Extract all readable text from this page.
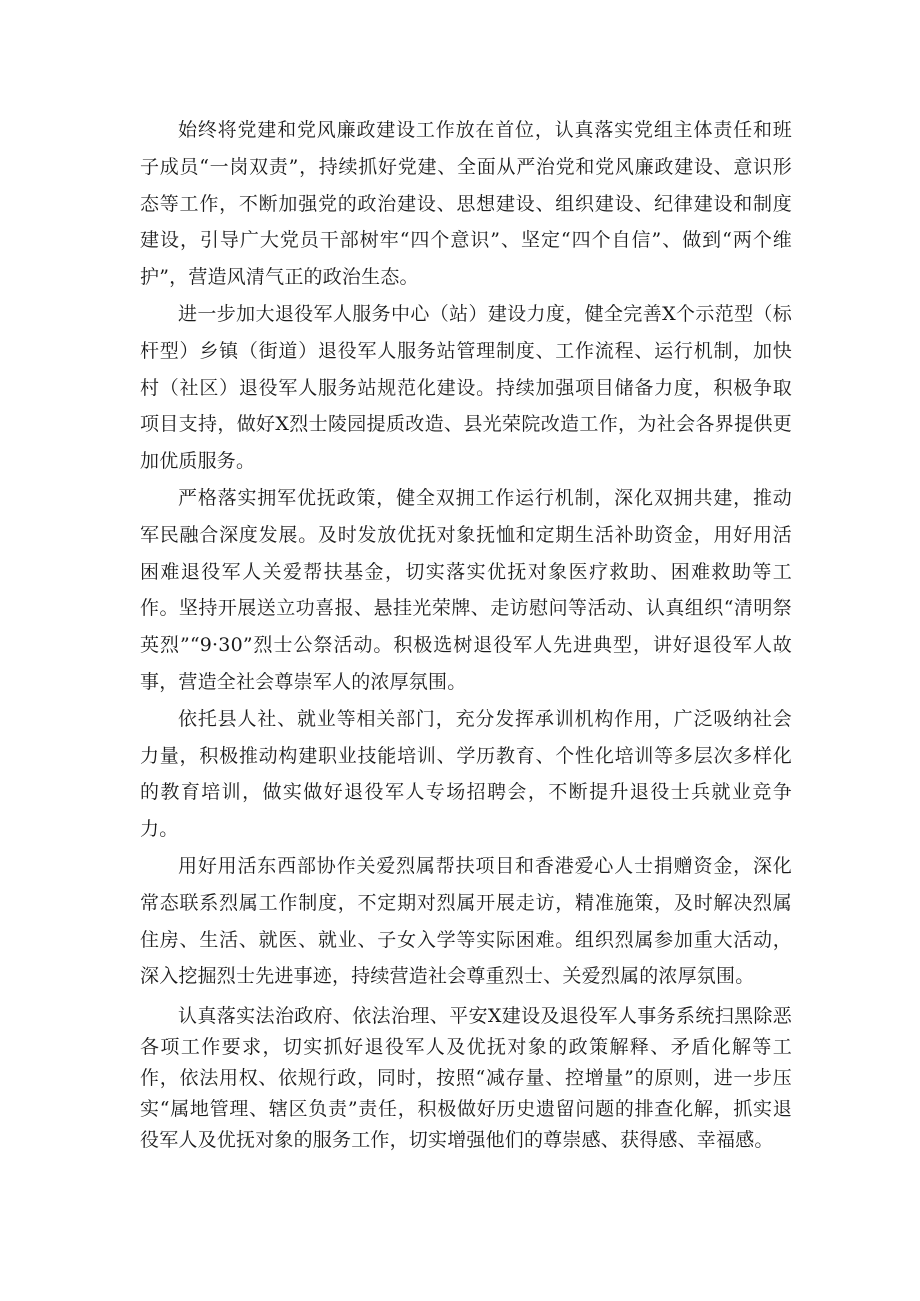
始终将党建和党风廉政建设工作放在首位，认真落实党组主体责任和班子成员“一岗双责”，持续抓好党建、全面从严治党和党风廉政建设、意识形态等工作，不断加强党的政治建设、思想建设、组织建设、纪律建设和制度建设，引导广大党员干部树牢“四个意识”、坚定“四个自信”、做到“两个维护”，营造风清气正的政治生态。

进一步加大退役军人服务中心（站）建设力度，健全完善X个示范型（标杆型）乡镇（街道）退役军人服务站管理制度、工作流程、运行机制，加快村（社区）退役军人服务站规范化建设。持续加强项目储备力度，积极争取项目支持，做好X烈士陵园提质改造、县光荣院改造工作，为社会各界提供更加优质服务。

严格落实拥军优抚政策，健全双拥工作运行机制，深化双拥共建，推动军民融合深度发展。及时发放优抚对象抚恤和定期生活补助资金，用好用活困难退役军人关爱帮扶基金，切实落实优抚对象医疗救助、困难救助等工作。坚持开展送立功喜报、悬挂光荣牌、走访慰问等活动、认真组织“清明祭英烈”“9·30”烈士公祭活动。积极选树退役军人先进典型，讲好退役军人故事，营造全社会尊崇军人的浓厚氛围。

依托县人社、就业等相关部门，充分发挥承训机构作用，广泛吸纳社会力量，积极推动构建职业技能培训、学历教育、个性化培训等多层次多样化的教育培训，做实做好退役军人专场招聘会，不断提升退役士兵就业竞争力。

用好用活东西部协作关爱烈属帮扶项目和香港爱心人士捐赠资金，深化常态联系烈属工作制度，不定期对烈属开展走访，精准施策，及时解决烈属住房、生活、就医、就业、子女入学等实际困难。组织烈属参加重大活动，深入挖掘烈士先进事迹，持续营造社会尊重烈士、关爱烈属的浓厚氛围。

认真落实法治政府、依法治理、平安X建设及退役军人事务系统扫黑除恶各项工作要求，切实抓好退役军人及优抚对象的政策解释、矛盾化解等工作，依法用权、依规行政，同时，按照“减存量、控增量”的原则，进一步压实“属地管理、辖区负责”责任，积极做好历史遗留问题的排查化解，抓实退役军人及优抚对象的服务工作，切实增强他们的尊崇感、获得感、幸福感。
